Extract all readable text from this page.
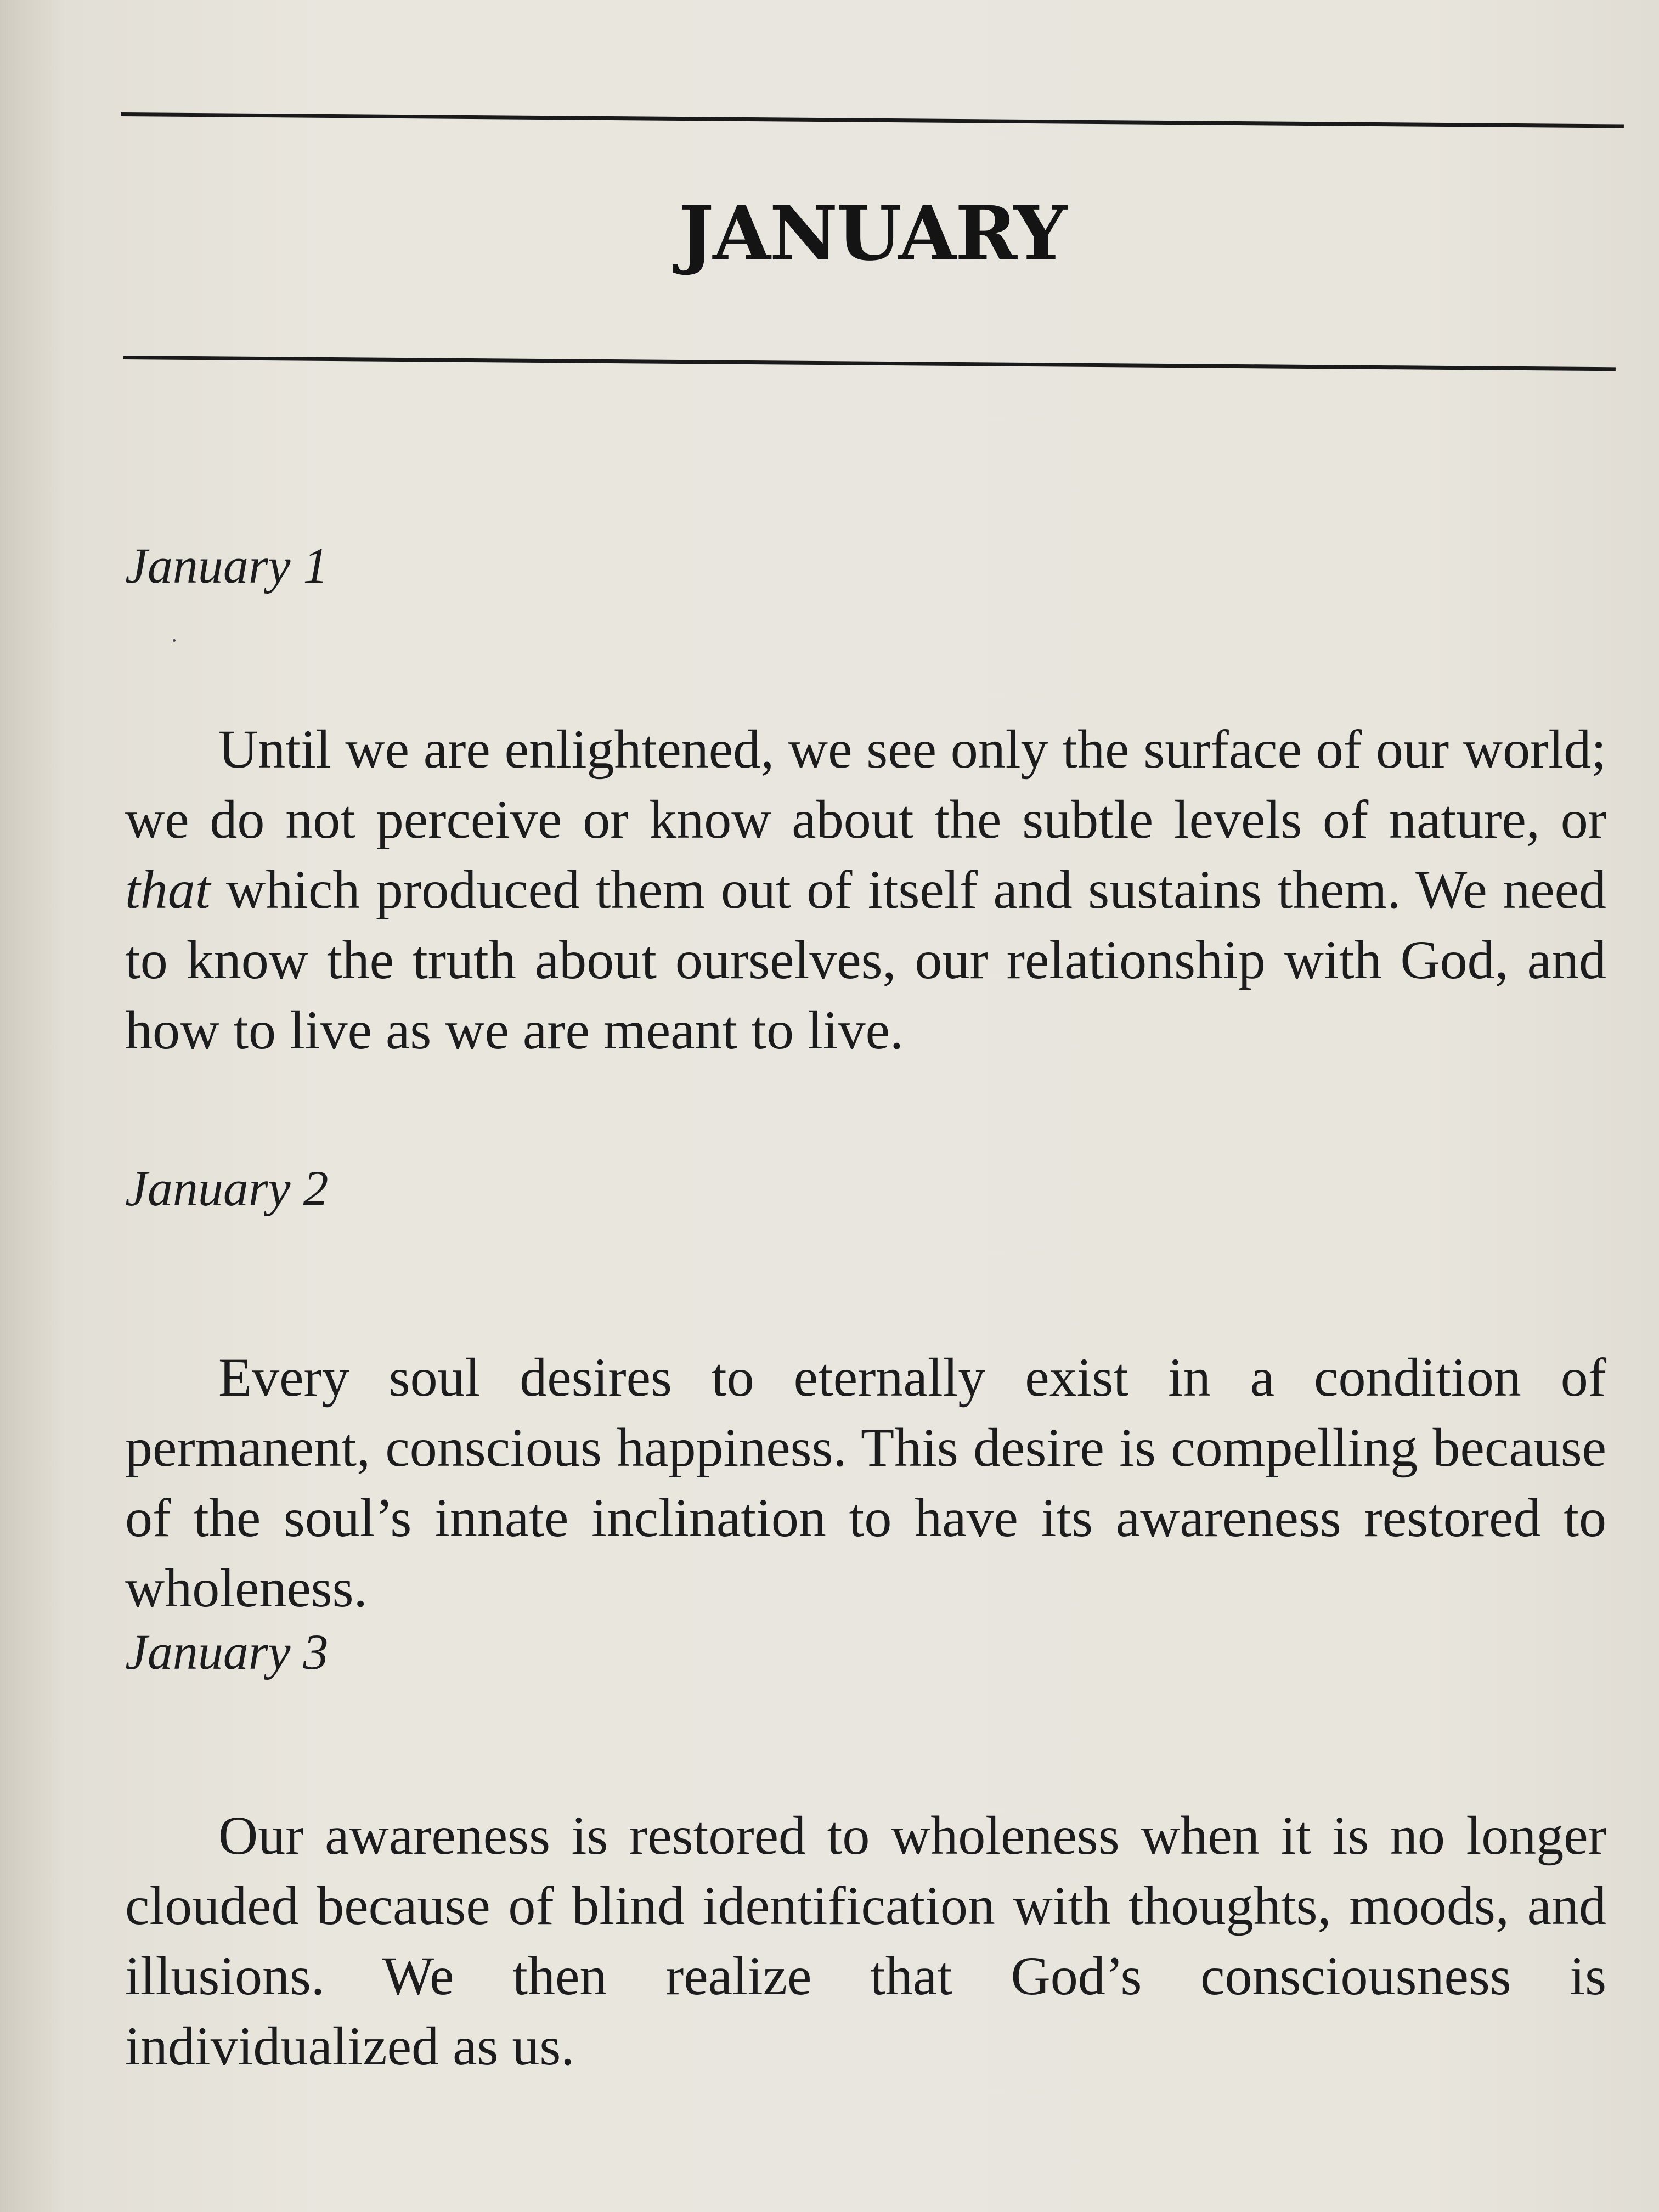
JANUARY

January 1

Until we are enlightened, we see only the surface of our world; we do not perceive or know about the subtle levels of nature, or that which produced them out of itself and sustains them. We need to know the truth about ourselves, our relationship with God, and how to live as we are meant to live.

January 2

Every soul desires to eternally exist in a condition of permanent, conscious happiness. This desire is compelling because of the soul’s innate inclination to have its awareness restored to wholeness.

January 3

Our awareness is restored to wholeness when it is no longer clouded because of blind identification with thoughts, moods, and illusions. We then realize that God’s consciousness is individualized as us.
